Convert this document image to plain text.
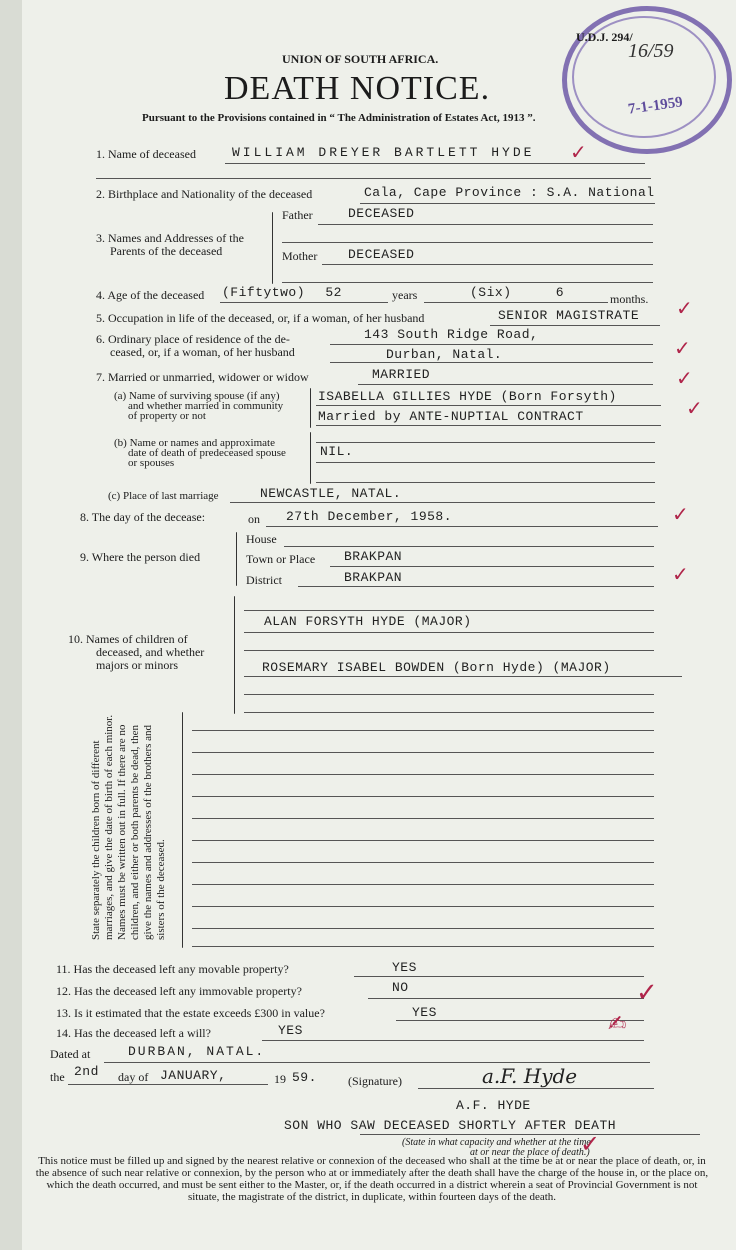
U.D.J. 294/
16/59
7-1-1959
UNION OF SOUTH AFRICA.
DEATH NOTICE.
Pursuant to the Provisions contained in “ The Administration of Estates Act, 1913 ”.
1. Name of deceased	WILLIAM DREYER BARTLETT HYDE
2. Birthplace and Nationality of the deceased	Cala, Cape Province : S.A. National
3. Names and Addresses of the
Parents of the deceased
Father	DECEASED
Mother DECEASED
4. Age of the deceased (Fiftytwo) 52	years	(Six) 6	months.
5. Occupation in life of the deceased, or, if a woman, of her husband	SENIOR MAGISTRATE
6. Ordinary place of residence of the de-
ceased, or, if a woman, of her husband
143 South Ridge Road,
Durban, Natal.
7. Married or unmarried, widower or widow	MARRIED
(a) Name of surviving spouse (if any)
and whether married in community
of property or not
ISABELLA GILLIES HYDE (Born Forsyth)
Married by ANTE-NUPTIAL CONTRACT
(b) Name or names and approximate
date of death of predeceased spouse
or spouses
NIL.
(c) Place of last marriage	NEWCASTLE, NATAL.
8. The day of the decease:	on 27th December, 1958.
9. Where the person died
House
Town or Place BRAKPAN
District	BRAKPAN
10. Names of children of
deceased, and whether
majors or minors
ALAN FORSYTH HYDE (MAJOR)
ROSEMARY ISABEL BOWDEN (Born Hyde) (MAJOR)
State separately the children born of different marriages, and give the date of birth of each minor. Names must be written out in full. If there are no children, and either or both parents be dead, then give the names and addresses of the brothers and sisters of the deceased.
11. Has the deceased left any movable property?	YES
12. Has the deceased left any immovable property?	NO
13. Is it estimated that the estate exceeds £300 in value?	YES
14. Has the deceased left a will?	YES
Dated at	DURBAN, NATAL.
the 2nd day of JANUARY,	19 59.	(Signature)	a.F. Hyde
A.F. HYDE
SON WHO SAW DECEASED SHORTLY AFTER DEATH
(State in what capacity and whether at the time
at or near the place of death.)
This notice must be filled up and signed by the nearest relative or connexion of the deceased who shall at the time be at or near the place of death, or, in the absence of such near relative or connexion, by the person who at or immediately after the death shall have the charge of the house in, or the place on, which the death occurred, and must be sent either to the Master, or, if the death occurred in a district wherein a seat of Provincial Government is not situate, the magistrate of the district, in duplicate, within fourteen days of the death.
✓
✓
✓
✓
✓
✓
✓
✓
✍
✓
